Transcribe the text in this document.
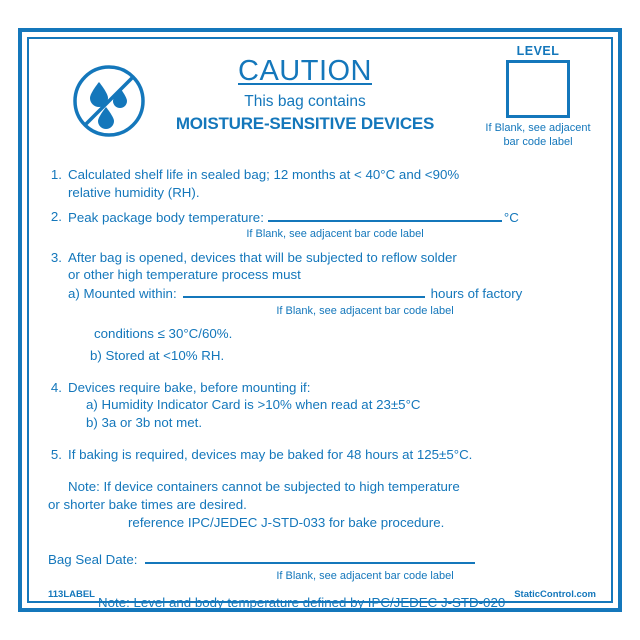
CAUTION
This bag contains
MOISTURE-SENSITIVE DEVICES
LEVEL
If Blank, see adjacent bar code label
1. Calculated shelf life in sealed bag; 12 months at < 40°C and <90%
relative humidity (RH).
2. Peak package body temperature:	°C
If Blank, see adjacent bar code label
3. After bag is opened, devices that will be subjected to reflow solder
or other high temperature process must
a) Mounted within:	hours of factory
If Blank, see adjacent bar code label
conditions ≤ 30°C/60%.
b) Stored at <10% RH.
4. Devices require bake, before mounting if:
a) Humidity Indicator Card is >10% when read at 23±5°C
b) 3a or 3b not met.
5. If baking is required, devices may be baked for 48 hours at 125±5°C.
Note: If device containers cannot be subjected to high temperature
or shorter bake times are desired.
reference IPC/JEDEC J-STD-033 for bake procedure.
Bag Seal Date:
If Blank, see adjacent bar code label
Note: Level and body temperature defined by IPC/JEDEC J-STD-020
113LABEL	StaticControl.com
